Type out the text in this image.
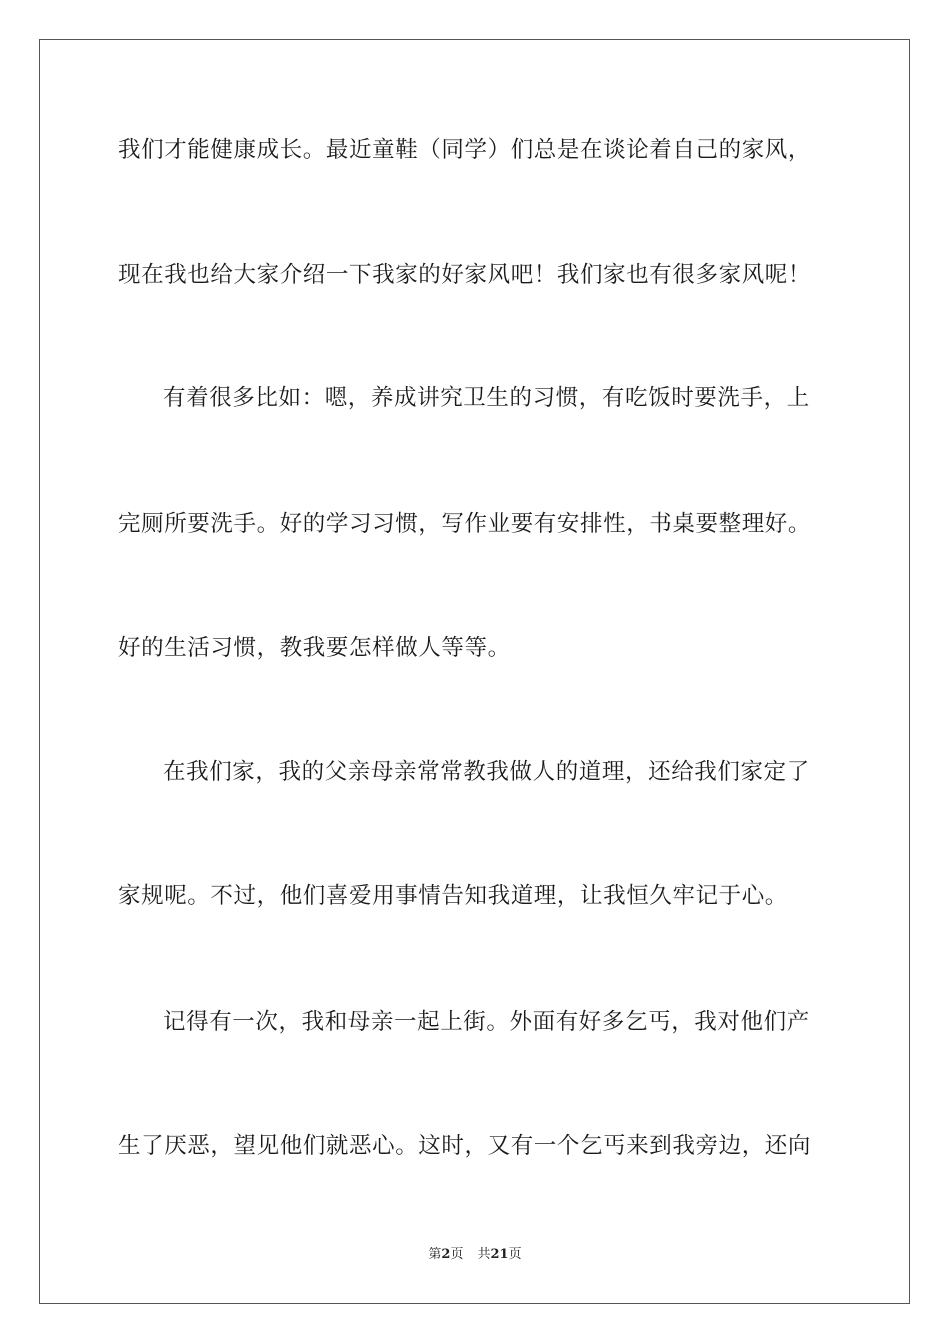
我们才能健康成长。最近童鞋（同学）们总是在谈论着自己的家风，
现在我也给大家介绍一下我家的好家风吧！我们家也有很多家风呢！
有着很多比如：嗯，养成讲究卫生的习惯，有吃饭时要洗手，上
完厕所要洗手。好的学习习惯，写作业要有安排性，书桌要整理好。
好的生活习惯，教我要怎样做人等等。
在我们家，我的父亲母亲常常教我做人的道理，还给我们家定了
家规呢。不过，他们喜爱用事情告知我道理，让我恒久牢记于心。
记得有一次，我和母亲一起上街。外面有好多乞丐，我对他们产
生了厌恶，望见他们就恶心。这时，又有一个乞丐来到我旁边，还向
第2页 共21页
